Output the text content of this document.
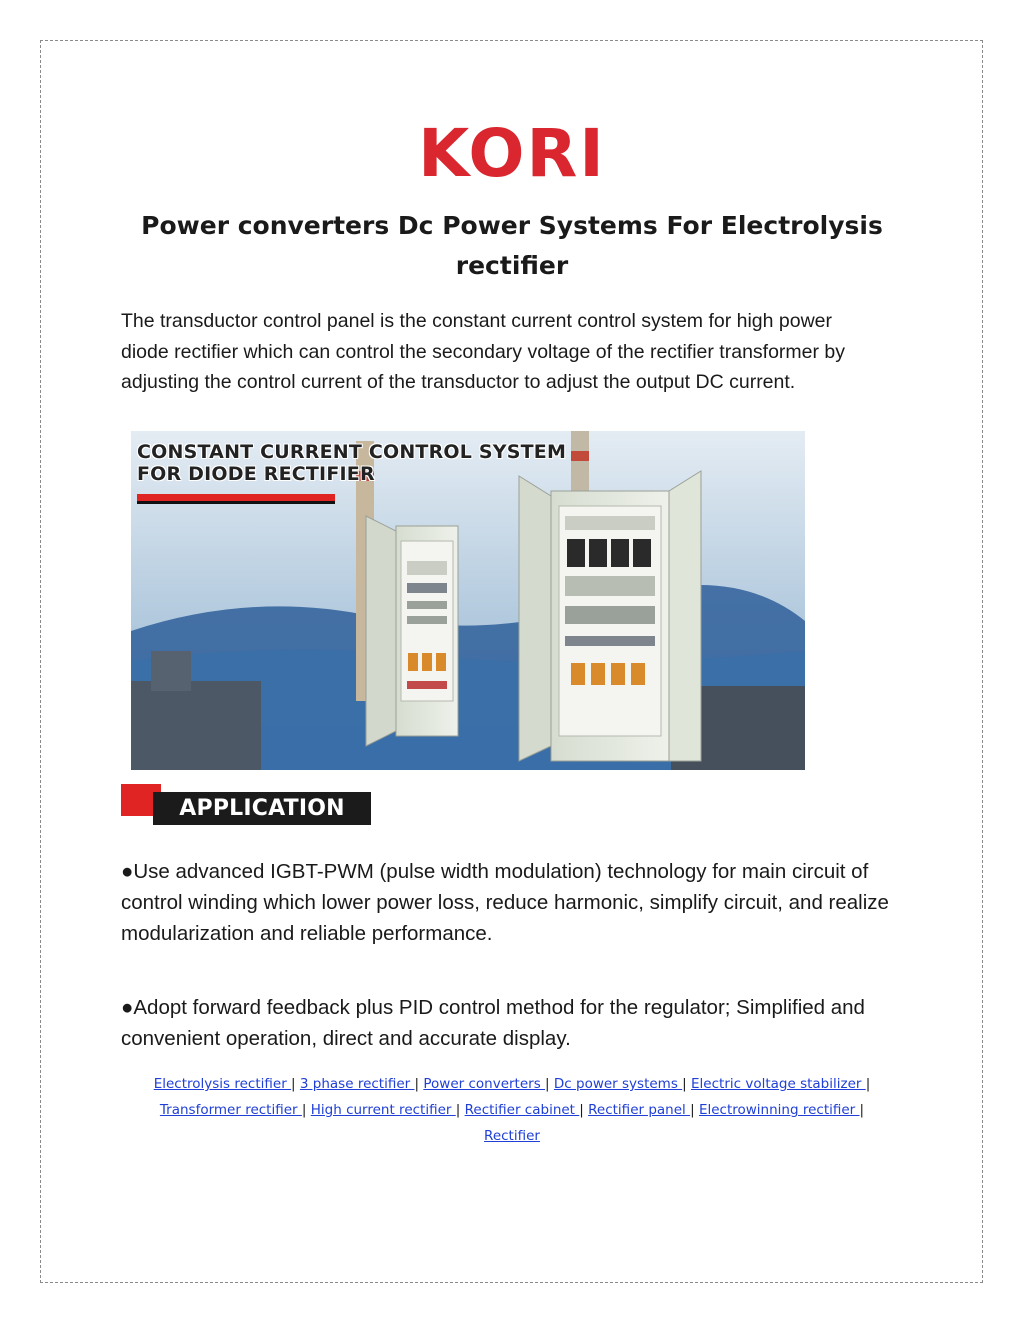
KORI
Power converters Dc Power Systems For Electrolysis rectifier
The transductor control panel is the constant current control system for high power diode rectifier which can control the secondary voltage of the rectifier transformer by adjusting the control current of the transductor to adjust the output DC current.
CONSTANT CURRENT CONTROL SYSTEM
FOR DIODE RECTIFIER
APPLICATION
●Use advanced IGBT-PWM (pulse width modulation) technology for main circuit of control winding which lower power loss, reduce harmonic, simplify circuit, and realize modularization and reliable performance.
●Adopt forward feedback plus PID control method for the regulator; Simplified and convenient operation, direct and accurate display.
Electrolysis rectifier | 3 phase rectifier | Power converters | Dc power systems | Electric voltage stabilizer | Transformer rectifier | High current rectifier | Rectifier cabinet | Rectifier panel | Electrowinning rectifier | Rectifier
